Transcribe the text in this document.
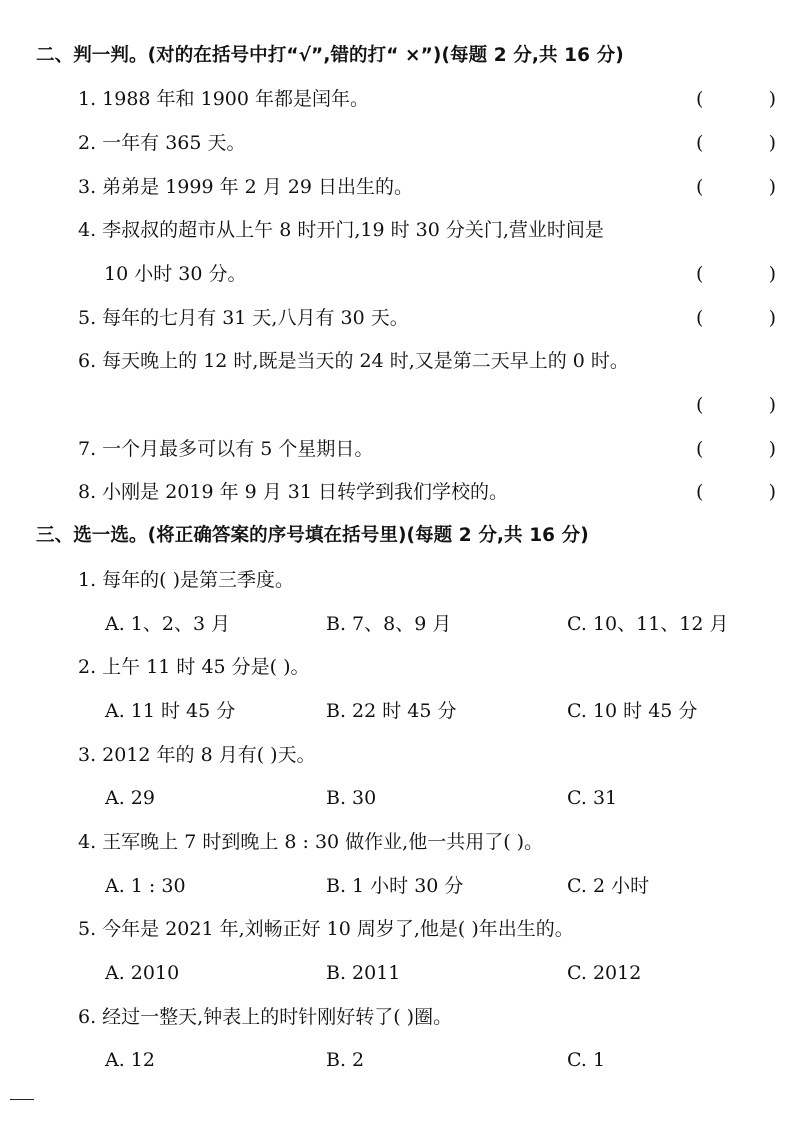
二、判一判。(对的在括号中打“√”,错的打“ ×”)(每题 2 分,共 16 分)
1. 1988 年和 1900 年都是闰年。	(	)
2. 一年有 365 天。	(	)
3. 弟弟是 1999 年 2 月 29 日出生的。	(	)
4. 李叔叔的超市从上午 8 时开门,19 时 30 分关门,营业时间是
10 小时 30 分。	(	)
5. 每年的七月有 31 天,八月有 30 天。	(	)
6. 每天晚上的 12 时,既是当天的 24 时,又是第二天早上的 0 时。
(	)
7. 一个月最多可以有 5 个星期日。	(	)
8. 小刚是 2019 年 9 月 31 日转学到我们学校的。	(	)
三、选一选。(将正确答案的序号填在括号里)(每题 2 分,共 16 分)
1. 每年的( )是第三季度。
A. 1、2、3 月	B. 7、8、9 月	C. 10、11、12 月
2. 上午 11 时 45 分是( )。
A. 11 时 45 分	B. 22 时 45 分	C. 10 时 45 分
3. 2012 年的 8 月有( )天。
A. 29	B. 30	C. 31
4. 王军晚上 7 时到晚上 8 : 30 做作业,他一共用了( )。
A. 1 : 30	B. 1 小时 30 分	C. 2 小时
5. 今年是 2021 年,刘畅正好 10 周岁了,他是( )年出生的。
A. 2010	B. 2011	C. 2012
6. 经过一整天,钟表上的时针刚好转了( )圈。
A. 12	B. 2	C. 1
